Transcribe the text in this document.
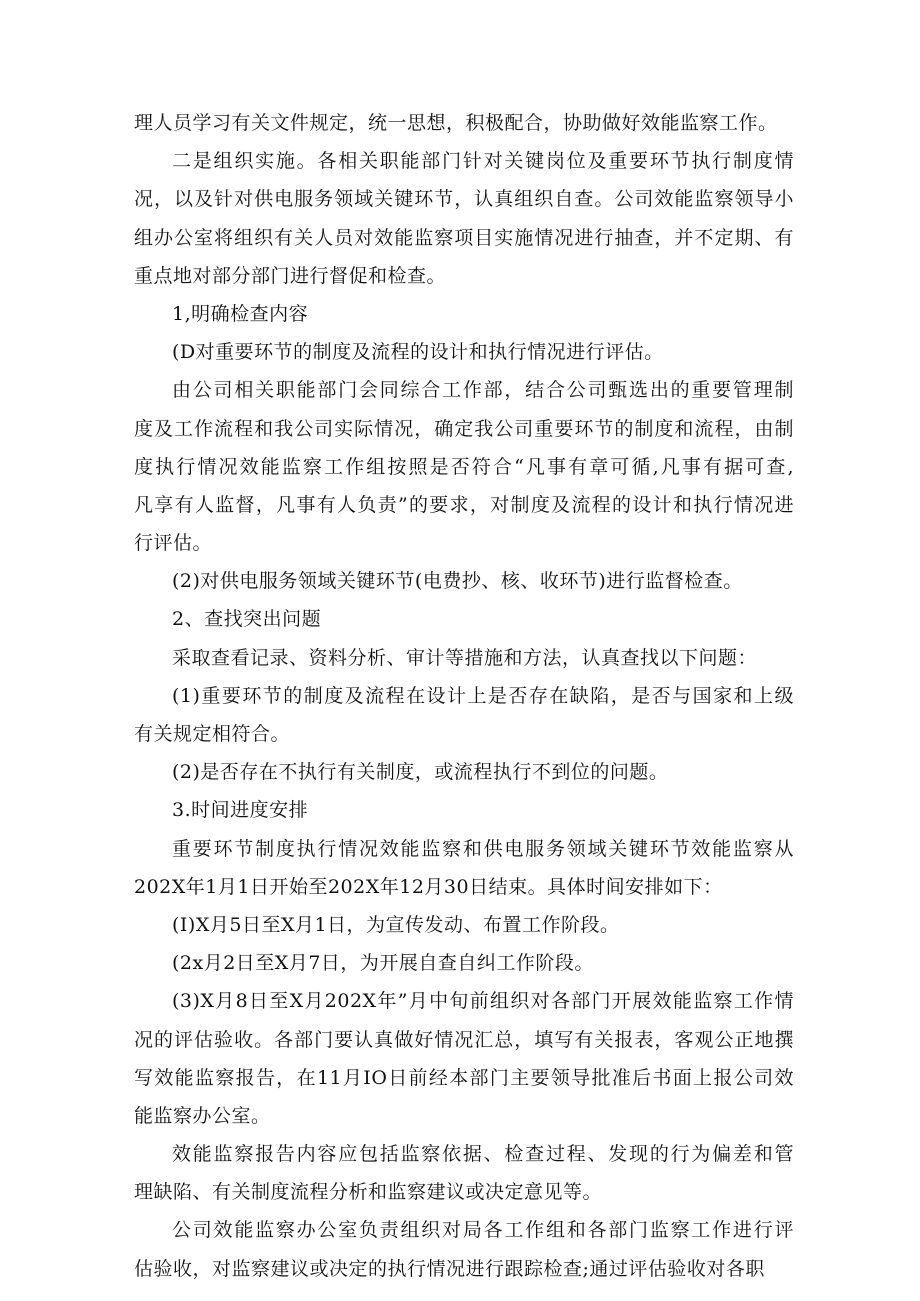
理人员学习有关文件规定，统一思想，积极配合，协助做好效能监察工作。
二是组织实施。各相关职能部门针对关键岗位及重要环节执行制度情
况，以及针对供电服务领域关键环节，认真组织自查。公司效能监察领导小
组办公室将组织有关人员对效能监察项目实施情况进行抽查，并不定期、有
重点地对部分部门进行督促和检查。
1,明确检查内容
(D对重要环节的制度及流程的设计和执行情况进行评估。
由公司相关职能部门会同综合工作部，结合公司甄选出的重要管理制
度及工作流程和我公司实际情况，确定我公司重要环节的制度和流程，由制
度执行情况效能监察工作组按照是否符合“凡事有章可循,凡事有据可查,
凡享有人监督，凡事有人负责”的要求，对制度及流程的设计和执行情况进
行评估。
(2)对供电服务领域关键环节(电费抄、核、收环节)进行监督检查。
2、查找突出问题
采取查看记录、资料分析、审计等措施和方法，认真查找以下问题：
(1)重要环节的制度及流程在设计上是否存在缺陷，是否与国家和上级
有关规定相符合。
(2)是否存在不执行有关制度，或流程执行不到位的问题。
3.时间进度安排
重要环节制度执行情况效能监察和供电服务领域关键环节效能监察从
202X年1月1日开始至202X年12月30日结束。具体时间安排如下：
(I)X月5日至X月1日，为宣传发动、布置工作阶段。
(2x月2日至X月7日，为开展自查自纠工作阶段。
(3)X月8日至X月202X年”月中旬前组织对各部门开展效能监察工作情
况的评估验收。各部门要认真做好情况汇总，填写有关报表，客观公正地撰
写效能监察报告，在11月IO日前经本部门主要领导批准后书面上报公司效
能监察办公室。
效能监察报告内容应包括监察依据、检查过程、发现的行为偏差和管
理缺陷、有关制度流程分析和监察建议或决定意见等。
公司效能监察办公室负责组织对局各工作组和各部门监察工作进行评
估验收，对监察建议或决定的执行情况进行跟踪检查;通过评估验收对各职
